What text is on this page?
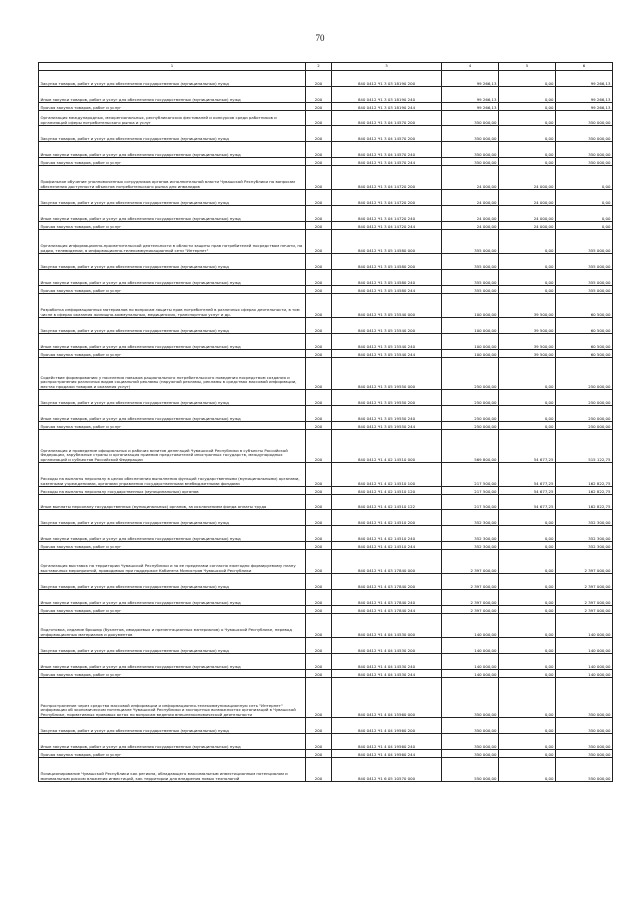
70
1	2	3	4	5	6
Закупка товаров, работ и услуг для обеспечения государственных (муниципальных) нужд	200	840 0412 Ч1 3 03 18190 200	99 266,13	0,00	99 266,13
Иные закупки товаров, работ и услуг для обеспечения государственных (муниципальных) нужд	200	840 0412 Ч1 3 03 18190 240	99 266,13	0,00	99 266,13
Прочая закупка товаров, работ и услуг	200	840 0412 Ч1 3 03 18190 244	99 266,13	0,00	99 266,13
Организация международных, межрегиональных, республиканских фестивалей и конкурсов среди работников и организаций сферы потребительского рынка и услуг	200	840 0412 Ч1 3 04 14570 200	350 000,00	0,00	350 000,00
Закупка товаров, работ и услуг для обеспечения государственных (муниципальных) нужд	200	840 0412 Ч1 3 04 14570 200	350 000,00	0,00	350 000,00
Иные закупки товаров, работ и услуг для обеспечения государственных (муниципальных) нужд	200	840 0412 Ч1 3 04 14570 240	350 000,00	0,00	350 000,00
Прочая закупка товаров, работ и услуг	200	840 0412 Ч1 3 04 14570 244	350 000,00	0,00	350 000,00
Профильное обучение уполномоченных сотрудников органов исполнительной власти Чувашской Республики по вопросам обеспечения доступности объектов потребительского рынка для инвалидов	200	840 0412 Ч1 3 04 14720 200	24 000,00	24 000,00	0,00
Закупка товаров, работ и услуг для обеспечения государственных (муниципальных) нужд	200	840 0412 Ч1 3 04 14720 200	24 000,00	24 000,00	0,00
Иные закупки товаров, работ и услуг для обеспечения государственных (муниципальных) нужд	200	840 0412 Ч1 3 04 14720 240	24 000,00	24 000,00	0,00
Прочая закупка товаров, работ и услуг	200	840 0412 Ч1 3 04 14720 244	24 000,00	24 000,00	0,00
Организация информационно-просветительской деятельности в области защиты прав потребителей посредством печати, на радио, телевидении, в информационно-телекоммуникационной сети "Интернет"	200	840 0412 Ч1 3 05 14580 000	355 000,00	0,00	355 000,00
Закупка товаров, работ и услуг для обеспечения государственных (муниципальных) нужд	200	840 0412 Ч1 3 05 14580 200	355 000,00	0,00	355 000,00
Иные закупки товаров, работ и услуг для обеспечения государственных (муниципальных) нужд	200	840 0412 Ч1 3 05 14580 240	355 000,00	0,00	355 000,00
Прочая закупка товаров, работ и услуг	200	840 0412 Ч1 3 05 14580 244	355 000,00	0,00	355 000,00
Разработка информационных материалов по вопросам защиты прав потребителей в различных сферах деятельности, в том числе в сферах оказания жилищно-коммунальных, медицинских, транспортных услуг и др.	200	840 0412 Ч1 3 05 15540 000	100 000,00	39 500,00	60 500,00
Закупка товаров, работ и услуг для обеспечения государственных (муниципальных) нужд	200	840 0412 Ч1 3 05 15540 200	100 000,00	39 500,00	60 500,00
Иные закупки товаров, работ и услуг для обеспечения государственных (муниципальных) нужд	200	840 0412 Ч1 3 05 15540 240	100 000,00	39 500,00	60 500,00
Прочая закупка товаров, работ и услуг	200	840 0412 Ч1 3 05 15540 244	100 000,00	39 500,00	60 500,00
Содействие формированию у населения навыков рационального потребительского поведения посредством создания и распространения различных видов социальной рекламы (наружной рекламы, рекламы в средствах массовой информации, местах продажи товаров и оказания услуг)	200	840 0412 Ч1 3 05 19550 000	250 000,00	0,00	250 000,00
Закупка товаров, работ и услуг для обеспечения государственных (муниципальных) нужд	200	840 0412 Ч1 3 05 19550 200	250 000,00	0,00	250 000,00
Иные закупки товаров, работ и услуг для обеспечения государственных (муниципальных) нужд	200	840 0412 Ч1 3 05 19550 240	250 000,00	0,00	250 000,00
Прочая закупка товаров, работ и услуг	200	840 0412 Ч1 3 05 19550 244	250 000,00	0,00	250 000,00
Организация и проведение официальных и рабочих визитов делегаций Чувашской Республики в субъекты Российской Федерации, зарубежные страны и организация приемов представителей иностранных государств, международных организаций и субъектов Российской Федерации	200	840 0412 Ч1 4 02 14510 000	569 800,00	54 677,25	515 122,75
Расходы на выплаты персоналу в целях обеспечения выполнения функций государственными (муниципальными) органами, казенными учреждениями, органами управления государственными внебюджетными фондами	200	840 0412 Ч1 4 02 14510 100	217 500,00	54 677,25	162 822,75
Расходы на выплаты персоналу государственных (муниципальных) органов	200	840 0412 Ч1 4 02 14510 120	217 500,00	54 677,25	162 822,75
Иные выплаты персоналу государственных (муниципальных) органов, за исключением фонда оплаты труда	200	840 0412 Ч1 4 02 14510 122	217 500,00	54 677,25	162 822,75
Закупка товаров, работ и услуг для обеспечения государственных (муниципальных) нужд	200	840 0412 Ч1 4 02 14510 200	352 300,00	0,00	352 300,00
Иные закупки товаров, работ и услуг для обеспечения государственных (муниципальных) нужд	200	840 0412 Ч1 4 02 14510 240	352 300,00	0,00	352 300,00
Прочая закупка товаров, работ и услуг	200	840 0412 Ч1 4 02 14510 244	352 300,00	0,00	352 300,00
Организация выставок на территории Чувашской Республики и за ее пределами согласно ежегодно формируемому плану выставочных мероприятий, проводимых при поддержке Кабинета Министров Чувашской Республики	200	840 0412 Ч1 4 03 17840 000	2 397 000,00	0,00	2 397 000,00
Закупка товаров, работ и услуг для обеспечения государственных (муниципальных) нужд	200	840 0412 Ч1 4 03 17840 200	2 397 000,00	0,00	2 397 000,00
Иные закупки товаров, работ и услуг для обеспечения государственных (муниципальных) нужд	200	840 0412 Ч1 4 03 17840 240	2 397 000,00	0,00	2 397 000,00
Прочая закупка товаров, работ и услуг	200	840 0412 Ч1 4 03 17840 244	2 397 000,00	0,00	2 397 000,00
Подготовка, издание брошюр (буклетов, имиджевых и презентационных материалов) о Чувашской Республике, перевод информационных материалов и документов	200	840 0412 Ч1 4 04 14530 000	140 000,00	0,00	140 000,00
Закупка товаров, работ и услуг для обеспечения государственных (муниципальных) нужд	200	840 0412 Ч1 4 04 14530 200	140 000,00	0,00	140 000,00
Иные закупки товаров, работ и услуг для обеспечения государственных (муниципальных) нужд	200	840 0412 Ч1 4 04 14530 240	140 000,00	0,00	140 000,00
Прочая закупка товаров, работ и услуг	200	840 0412 Ч1 4 04 14530 244	140 000,00	0,00	140 000,00
Распространение через средства массовой информации и информационно-телекоммуникационную сеть "Интернет" информации об экономическом потенциале Чувашской Республики и экспортных возможностях организаций в Чувашской Республике, нормативных правовых актах по вопросам ведения внешнеэкономической деятельности	200	840 0412 Ч1 4 04 15560 000	350 000,00	0,00	350 000,00
Закупка товаров, работ и услуг для обеспечения государственных (муниципальных) нужд	200	840 0412 Ч1 4 04 19560 200	350 000,00	0,00	350 000,00
Иные закупки товаров, работ и услуг для обеспечения государственных (муниципальных) нужд	200	840 0412 Ч1 4 04 19560 240	350 000,00	0,00	350 000,00
Прочая закупка товаров, работ и услуг	200	840 0412 Ч1 4 04 19560 244	350 000,00	0,00	350 000,00
Позиционирование Чувашской Республики как региона, обладающего максимальным инвестиционным потенциалом и минимальным риском вложения инвестиций, как территории для внедрения новых технологий	200	840 0412 Ч1 6 05 10570 000	550 000,00	0,00	550 000,00
